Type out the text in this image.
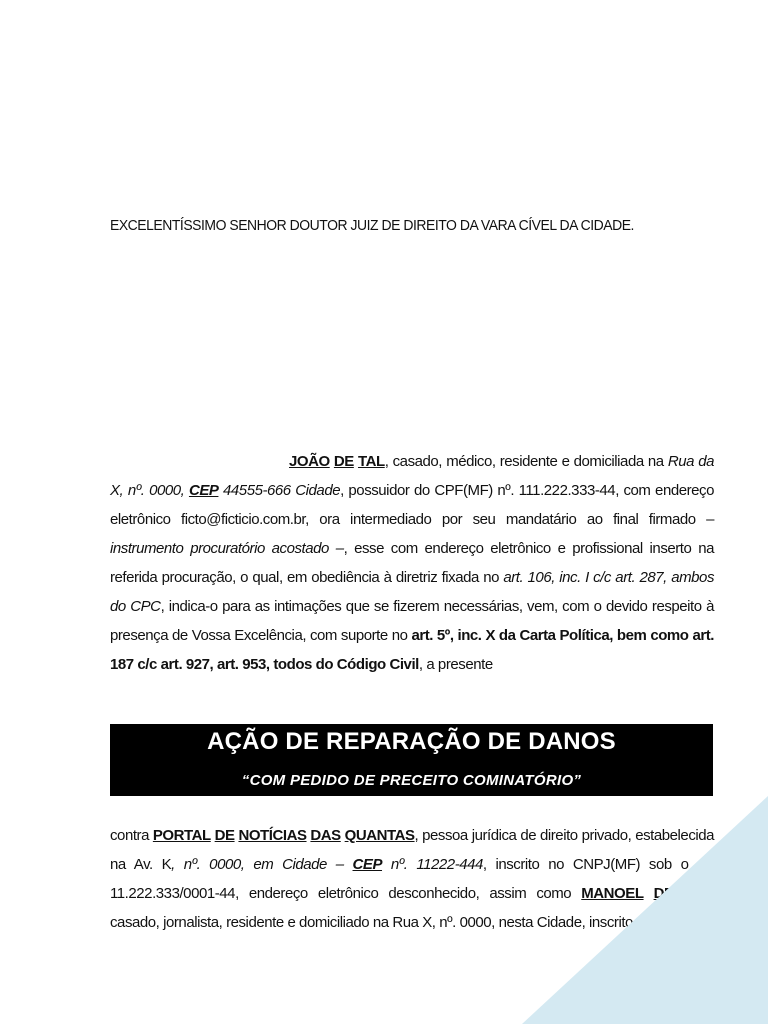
EXCELENTÍSSIMO SENHOR DOUTOR JUIZ DE DIREITO DA VARA CÍVEL DA CIDADE.
JOÃO DE TAL, casado, médico, residente e domiciliada na Rua da X, nº. 0000, CEP 44555-666 Cidade, possuidor do CPF(MF) nº. 111.222.333-44, com endereço eletrônico ficto@ficticio.com.br, ora intermediado por seu mandatário ao final firmado – instrumento procuratório acostado –, esse com endereço eletrônico e profissional inserto na referida procuração, o qual, em obediência à diretriz fixada no art. 106, inc. I c/c art. 287, ambos do CPC, indica-o para as intimações que se fizerem necessárias, vem, com o devido respeito à presença de Vossa Excelência, com suporte no art. 5º, inc. X da Carta Política, bem como art. 187 c/c art. 927, art. 953, todos do Código Civil, a presente
AÇÃO DE REPARAÇÃO DE DANOS
“COM PEDIDO DE PRECEITO COMINATÓRIO”
contra PORTAL DE NOTÍCIAS DAS QUANTAS, pessoa jurídica de direito privado, estabelecida na Av. K, nº. 0000, em Cidade – CEP nº. 11222-444, inscrito no CNPJ(MF) sob o nº. 11.222.333/0001-44, endereço eletrônico desconhecido, assim como MANOEL DE TAL, casado, jornalista, residente e domiciliado na Rua X, nº. 0000, nesta Cidade, inscrito no
1
